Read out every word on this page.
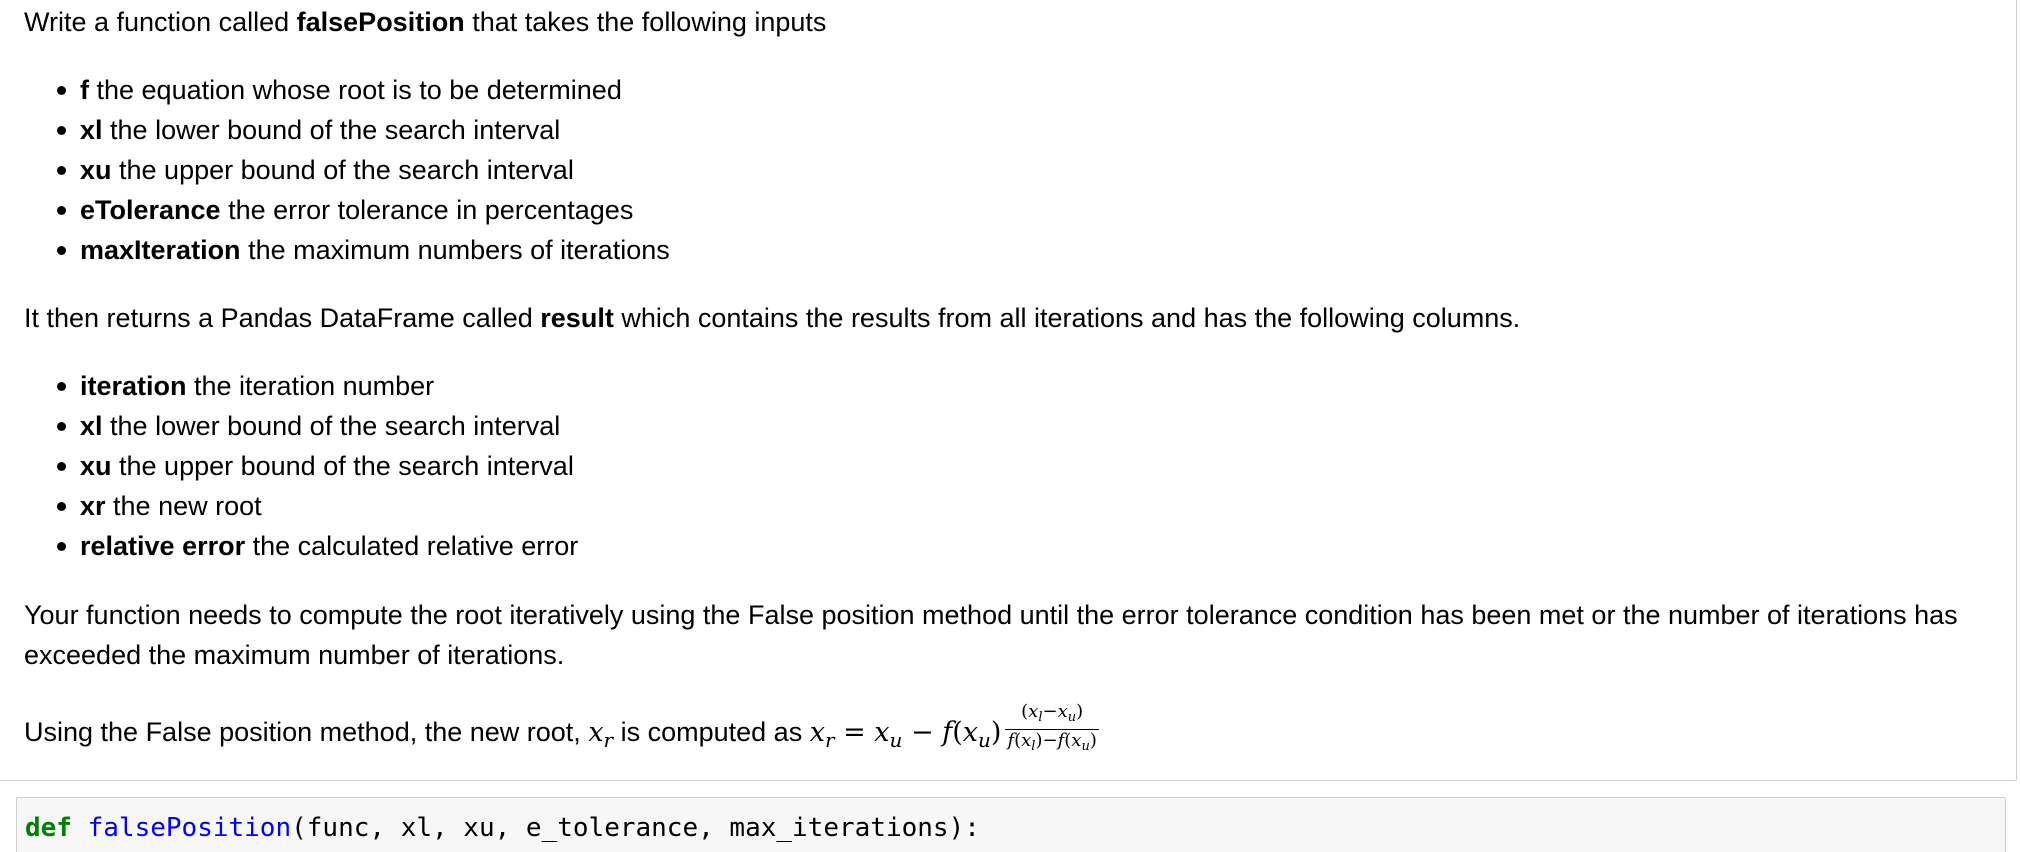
Write a function called falsePosition that takes the following inputs

f the equation whose root is to be determined
xl the lower bound of the search interval
xu the upper bound of the search interval
eTolerance the error tolerance in percentages
maxIteration the maximum numbers of iterations

It then returns a Pandas DataFrame called result which contains the results from all iterations and has the following columns.

iteration the iteration number
xl the lower bound of the search interval
xu the upper bound of the search interval
xr the new root
relative error the calculated relative error

Your function needs to compute the root iteratively using the False position method until the error tolerance condition has been met or the number of iterations has exceeded the maximum number of iterations.

Using the False position method, the new root, $x_r$ is computed as $x_r = x_u - f(x_u) \frac{(x_l-x_u)}{f(x_l)-f(x_u)}$

def falsePosition(func, xl, xu, e_tolerance, max_iterations):
